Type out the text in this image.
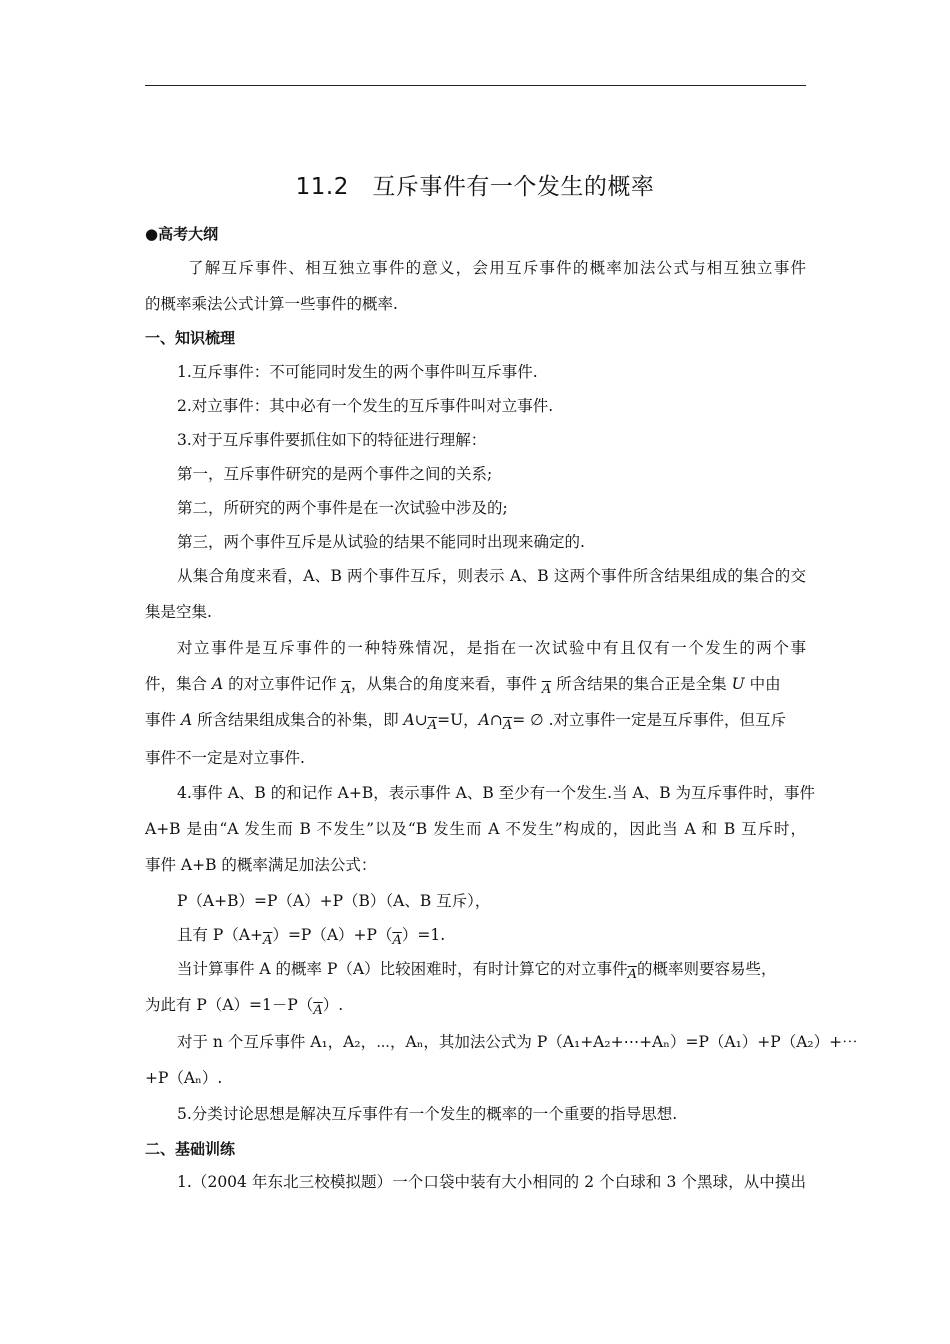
11.2　互斥事件有一个发生的概率
●高考大纲
了解互斥事件、相互独立事件的意义，会用互斥事件的概率加法公式与相互独立事件
的概率乘法公式计算一些事件的概率.
一、知识梳理
1.互斥事件：不可能同时发生的两个事件叫互斥事件.
2.对立事件：其中必有一个发生的互斥事件叫对立事件.
3.对于互斥事件要抓住如下的特征进行理解：
第一，互斥事件研究的是两个事件之间的关系;
第二，所研究的两个事件是在一次试验中涉及的;
第三，两个事件互斥是从试验的结果不能同时出现来确定的.
从集合角度来看，A、B 两个事件互斥，则表示 A、B 这两个事件所含结果组成的集合的交
集是空集.
对立事件是互斥事件的一种特殊情况，是指在一次试验中有且仅有一个发生的两个事
件，集合 A 的对立事件记作 $_{\overline{A}}$，从集合的角度来看，事件 $_{\overline{A}}$ 所含结果的集合正是全集 U 中由
事件 A 所含结果组成集合的补集，即 $A\cup_{\overline{A}}=U$，$A\cap_{\overline{A}}=$ ∅ .对立事件一定是互斥事件，但互斥
事件不一定是对立事件.
4.事件 A、B 的和记作 A+B，表示事件 A、B 至少有一个发生.当 A、B 为互斥事件时，事件
A+B 是由“A 发生而 B 不发生”以及“B 发生而 A 不发生”构成的，因此当 A 和 B 互斥时，
事件 A+B 的概率满足加法公式：
P（A+B）=P（A）+P（B）（A、B 互斥），
且有 $P(A+_{\overline{A}})=P(A)+P(_{\overline{A}})=1$.
当计算事件 A 的概率 P（A）比较困难时，有时计算它的对立事件$_{\overline{A}}$的概率则要容易些，
为此有 $P(A)=1-P(_{\overline{A}})$.
对于 n 个互斥事件 A₁，A₂，⋯，Aₙ，其加法公式为 P（A₁+A₂+⋯+Aₙ）=P（A₁）+P（A₂）+⋯
+P（Aₙ）.
5.分类讨论思想是解决互斥事件有一个发生的概率的一个重要的指导思想.
二、基础训练
1.（2004 年东北三校模拟题）一个口袋中装有大小相同的 2 个白球和 3 个黑球，从中摸出
